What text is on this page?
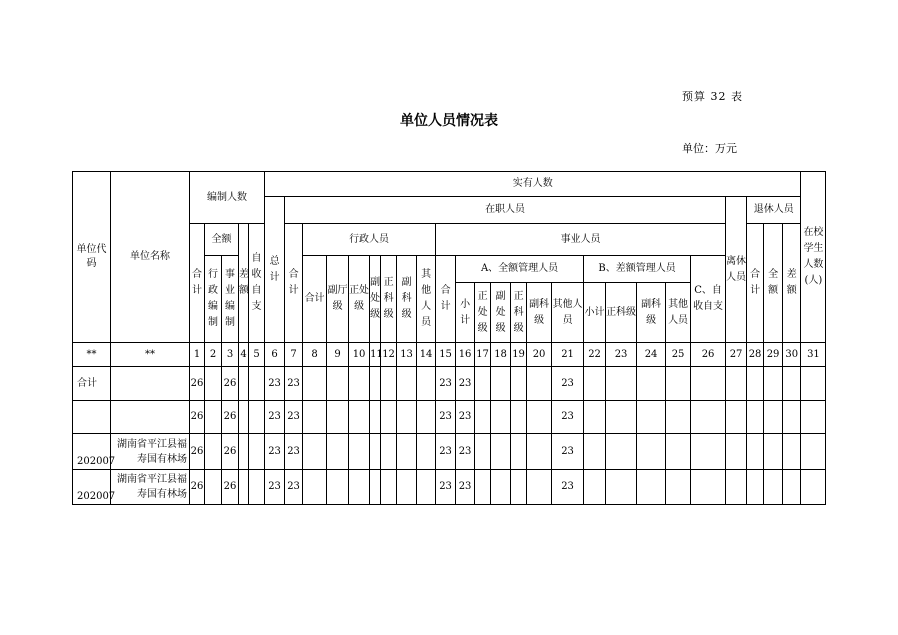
预算 32 表
单位人员情况表
单位：万元
单位代码	单位名称	编制人数					实有人数																									在校学生人数(人)
							总计	在职人员																				离休人员	退休人员			
		合计	全额		差额	自收自支		合计	行政人员							事业人员													合计	全额	差额	
			行政编制	事业编制					合计	副厅级	正处级	副处级	正科级	副科级	其他人员	合计	A、全额管理人员						B、差额管理人员				C、自收自支					
																	小计	正处级	副处级	正科级	副科级	其他人员	小计	正科级	副科级	其他人员						
**	**	1	2	3	4	5	6	7	8	9	10	11	12	13	14	15	16	17	18	19	20	21	22	23	24	25	26	27	28	29	30	31
合计		26		26			23	23								23	23					23										
		26		26			23	23								23	23					23										
202007	湖南省平江县福寿国有林场	26		26			23	23								23	23					23										
202007	湖南省平江县福寿国有林场	26		26			23	23								23	23					23										
